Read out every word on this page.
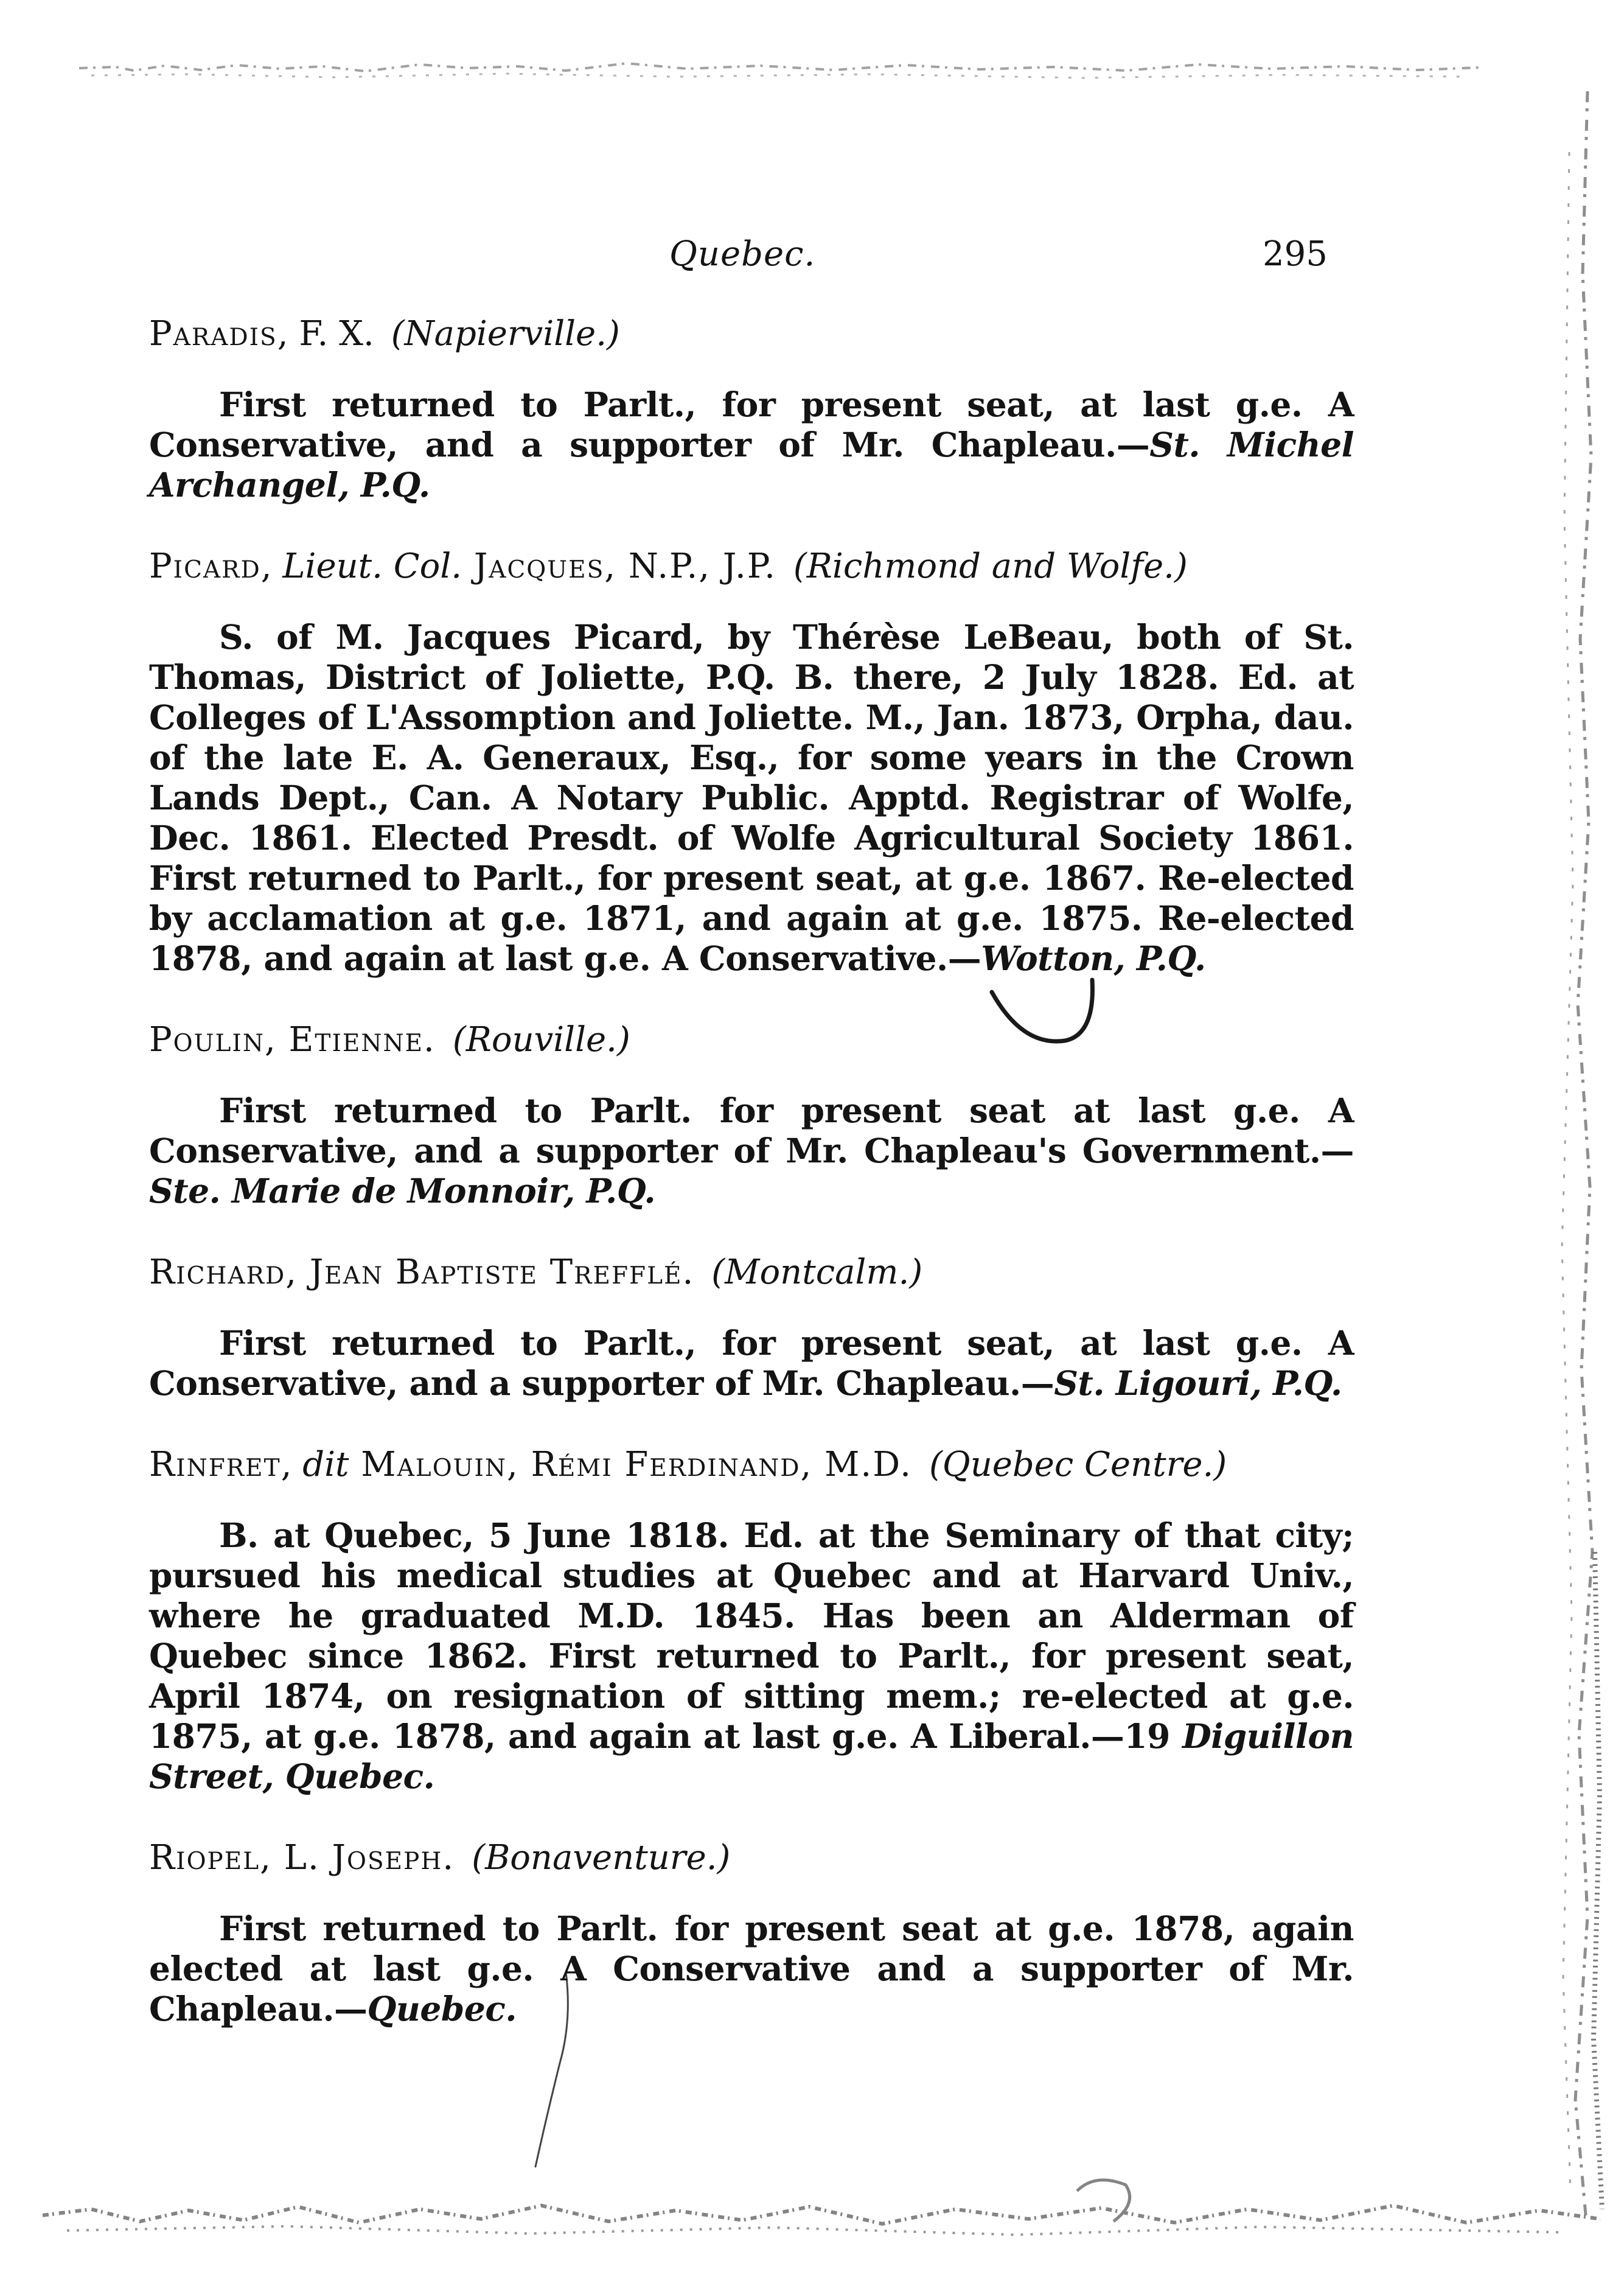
Quebec.	295
Paradis, F. X. (Napierville.)
First returned to Parlt., for present seat, at last g.e. A Conservative, and a supporter of Mr. Chapleau.—St. Michel Archangel, P.Q.
Picard, Lieut. Col. Jacques, N.P., J.P. (Richmond and Wolfe.)
S. of M. Jacques Picard, by Thérèse LeBeau, both of St. Thomas, District of Joliette, P.Q. B. there, 2 July 1828. Ed. at Colleges of L'Assomption and Joliette. M., Jan. 1873, Orpha, dau. of the late E. A. Generaux, Esq., for some years in the Crown Lands Dept., Can. A Notary Public. Apptd. Registrar of Wolfe, Dec. 1861. Elected Presdt. of Wolfe Agricultural Society 1861. First returned to Parlt., for present seat, at g.e. 1867. Re-elected by acclamation at g.e. 1871, and again at g.e. 1875. Re-elected 1878, and again at last g.e. A Conservative.—Wotton, P.Q.
Poulin, Etienne. (Rouville.)
First returned to Parlt. for present seat at last g.e. A Conservative, and a supporter of Mr. Chapleau's Government.—Ste. Marie de Monnoir, P.Q.
Richard, Jean Baptiste Trefflé. (Montcalm.)
First returned to Parlt., for present seat, at last g.e. A Conservative, and a supporter of Mr. Chapleau.—St. Ligouri, P.Q.
Rinfret, dit Malouin, Rémi Ferdinand, M.D. (Quebec Centre.)
B. at Quebec, 5 June 1818. Ed. at the Seminary of that city; pursued his medical studies at Quebec and at Harvard Univ., where he graduated M.D. 1845. Has been an Alderman of Quebec since 1862. First returned to Parlt., for present seat, April 1874, on resignation of sitting mem.; re-elected at g.e. 1875, at g.e. 1878, and again at last g.e. A Liberal.—19 Diguillon Street, Quebec.
Riopel, L. Joseph. (Bonaventure.)
First returned to Parlt. for present seat at g.e. 1878, again elected at last g.e. A Conservative and a supporter of Mr. Chapleau.—Quebec.
